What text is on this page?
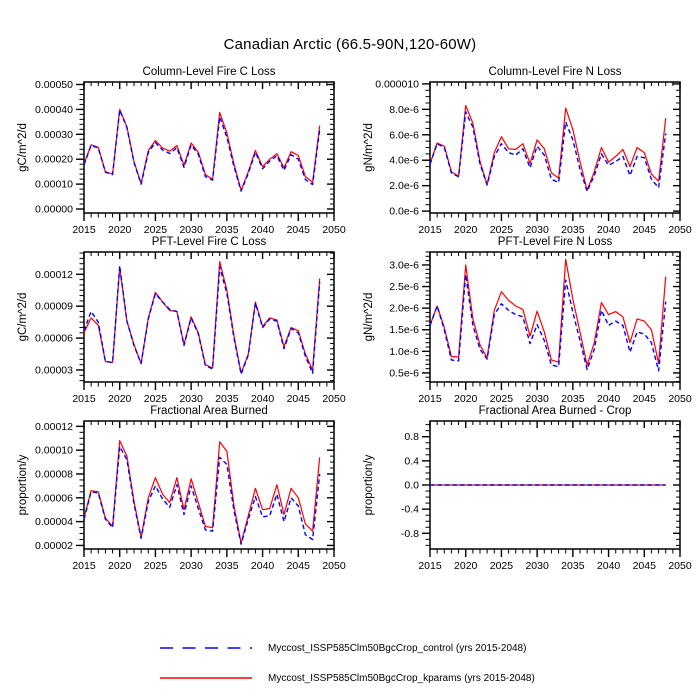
Canadian Arctic (66.5-90N,120-60W)
2015 2020 2025 2030 2035 2040 2045 2050
0.00050
0.00040
0.00030
0.00020
0.00010
0.00000
Column-Level Fire C Loss
gC/m^2/d
2015 2020 2025 2030 2035 2040 2045 2050
0.000010
8.0e-6
6.0e-6
4.0e-6
2.0e-6
0.0e-6
Column-Level Fire N Loss
gN/m^2/d
2015 2020 2025 2030 2035 2040 2045 2050
0.00012
0.00009
0.00006
0.00003
PFT-Level Fire C Loss
gC/m^2/d
2015 2020 2025 2030 2035 2040 2045 2050
3.0e-6
2.5e-6
2.0e-6
1.5e-6
1.0e-6
0.5e-6
PFT-Level Fire N Loss
gN/m^2/d
2015 2020 2025 2030 2035 2040 2045 2050
0.00012
0.00010
0.00008
0.00006
0.00004
0.00002
Fractional Area Burned
proportion/y
2015 2020 2025 2030 2035 2040 2045 2050
0.8
0.4
0.0
-0.4
-0.8
Fractional Area Burned - Crop
proportion/y
Myccost_ISSP585Clm50BgcCrop_control (yrs 2015-2048)
Myccost_ISSP585Clm50BgcCrop_kparams (yrs 2015-2048)
